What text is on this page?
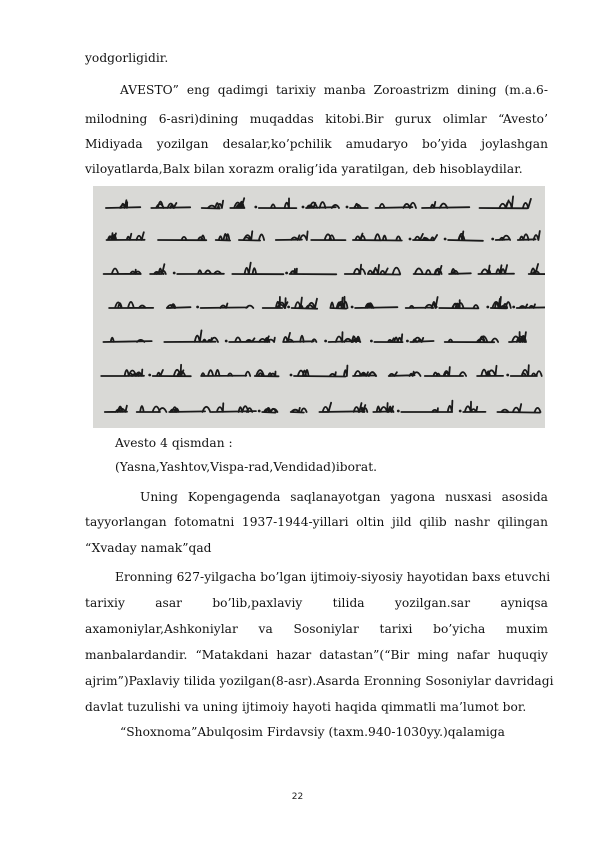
yodgorligidir.
AVESTO” eng qadimgi tarixiy manba Zoroastrizm dining (m.a.6-
milodning 6-asri)dining muqaddas kitobi.Bir gurux olimlar “Avesto’
Midiyada yozilgan desalar,ko’pchilik amudaryo bo’yida joylashgan
viloyatlarda,Balx bilan xorazm oralig’ida yaratilgan, deb hisoblaydilar.
Avesto 4 qismdan :
(Yasna,Yashtov,Vispa-rad,Vendidad)iborat.
Uning Kopengagenda saqlanayotgan yagona nusxasi asosida
tayyorlangan fotomatni 1937-1944-yillari oltin jild qilib nashr qilingan
“Xvaday namak”qad
Eronning 627-yilgacha bo’lgan ijtimoiy-siyosiy hayotidan baxs etuvchi
tarixiy asar bo’lib,paxlaviy tilida yozilgan.sar ayniqsa
axamoniylar,Ashkoniylar va Sosoniylar tarixi bo’yicha muxim
manbalardandir. “Matakdani hazar datastan”(“Bir ming nafar huquqiy
ajrim”)Paxlaviy tilida yozilgan(8-asr).Asarda Eronning Sosoniylar davridagi
davlat tuzulishi va uning ijtimoiy hayoti haqida qimmatli ma’lumot bor.
“Shoxnoma”Abulqosim Firdavsiy (taxm.940-1030yy.)qalamiga
22
